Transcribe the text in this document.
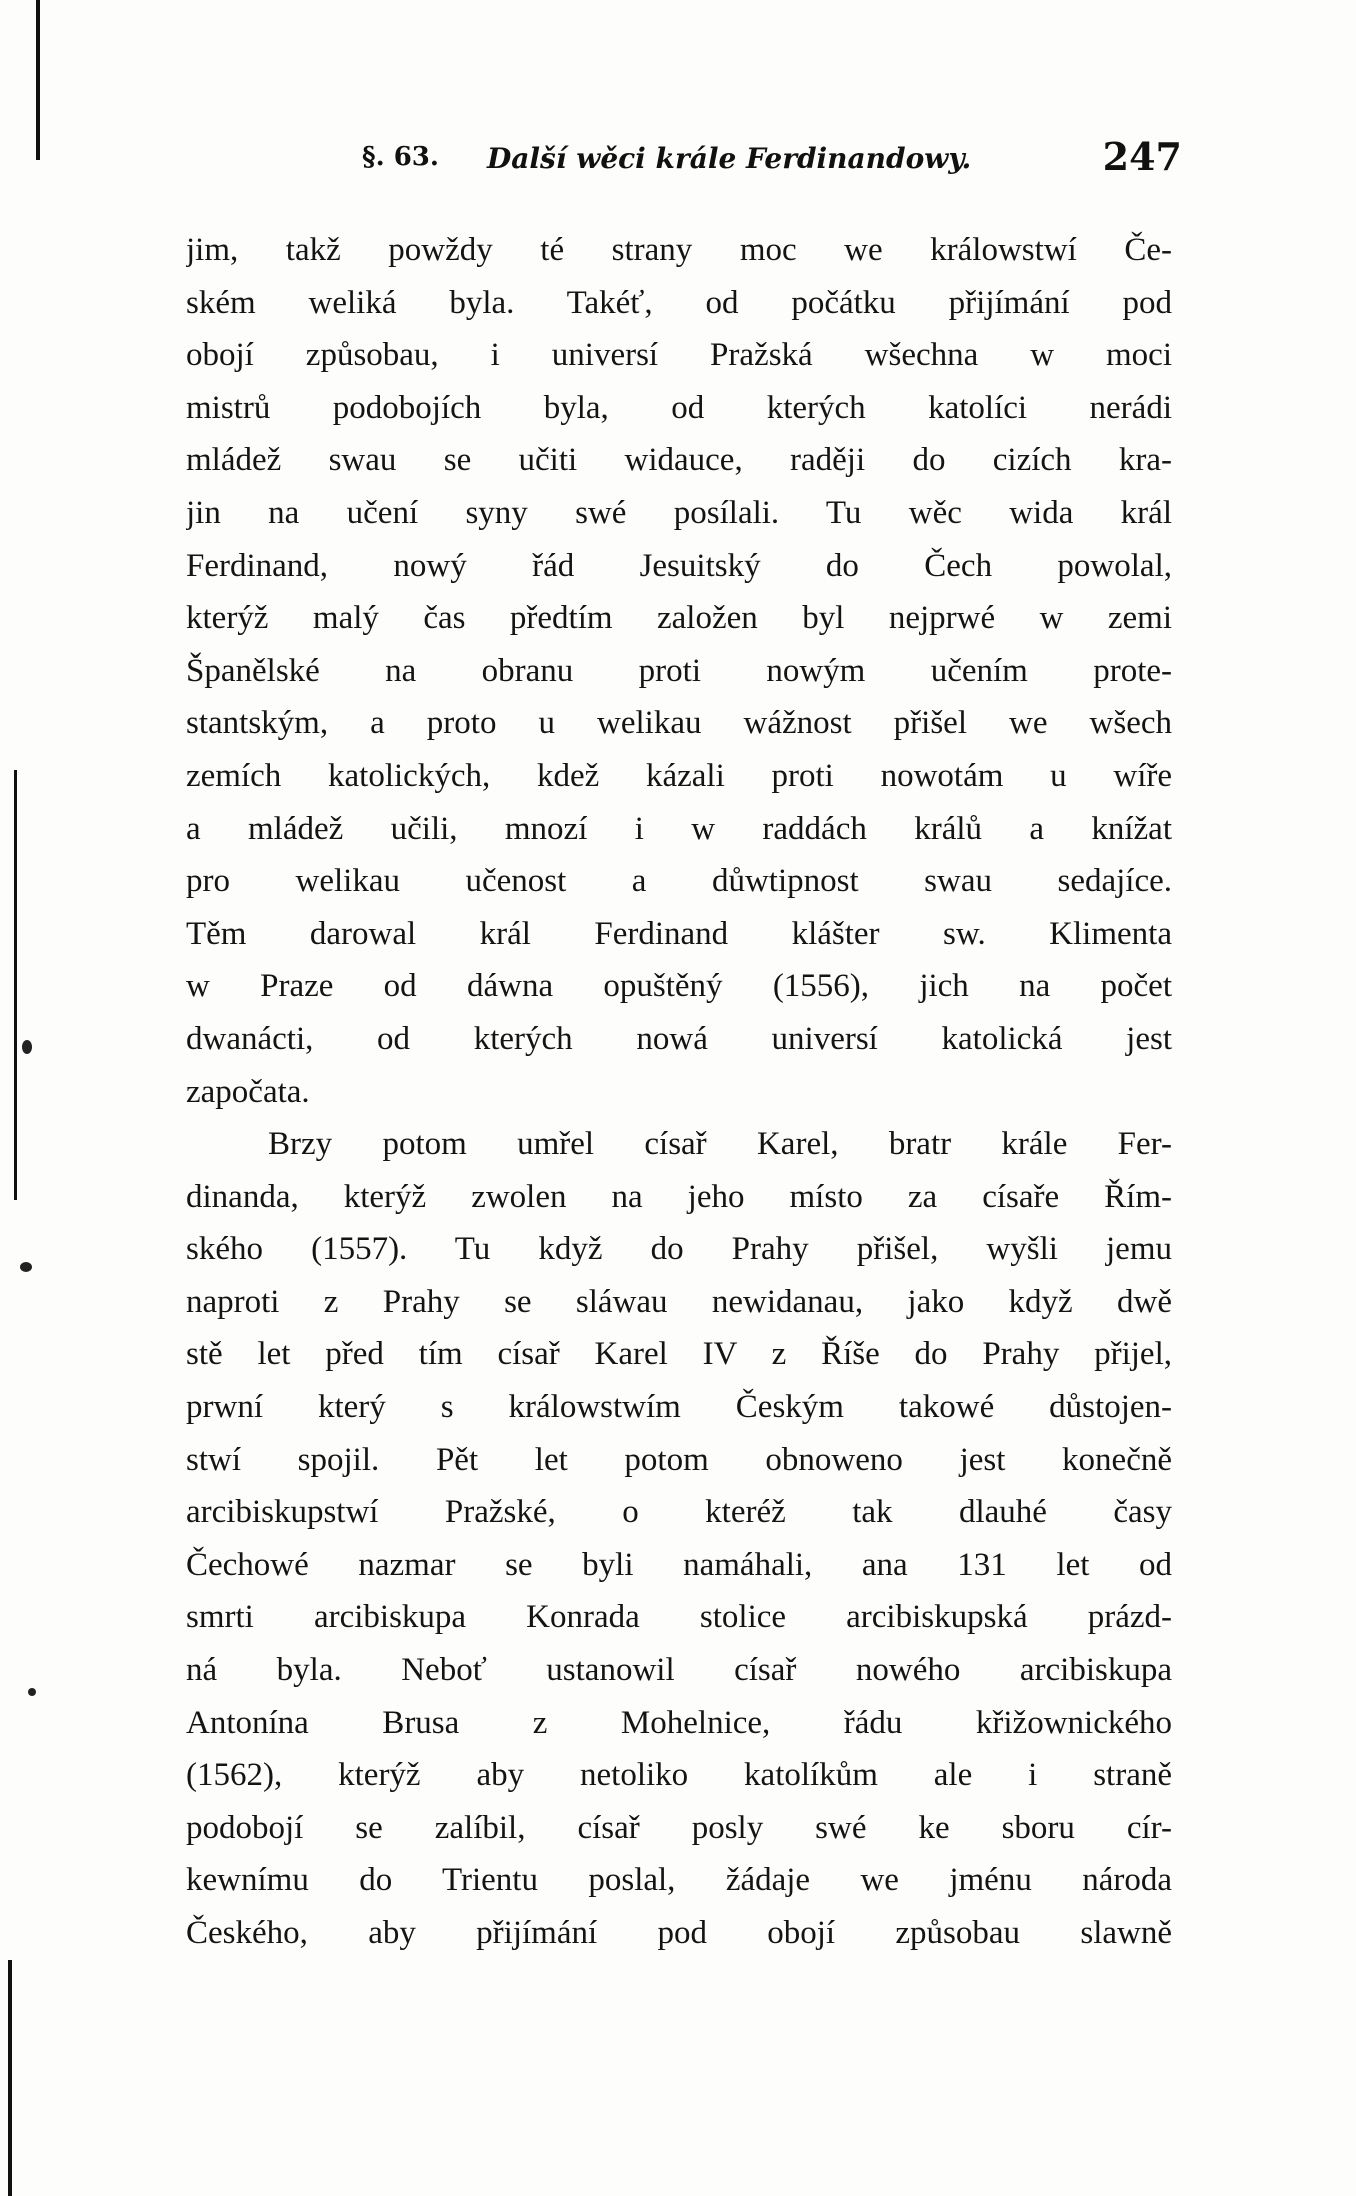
§. 63. Další wěci krále Ferdinandowy.	247
jim, takž powždy té strany moc we králowstwí Če-
ském weliká byla. Takéť, od počátku přijímání pod
obojí způsobau, i universí Pražská wšechna w moci
mistrů podobojích byla, od kterých katolíci nerádi
mládež swau se učiti widauce, raději do cizích kra-
jin na učení syny swé posílali. Tu wěc wida král
Ferdinand, nowý řád Jesuitský do Čech powolal,
kterýž malý čas předtím založen byl nejprwé w zemi
Španělské na obranu proti nowým učením prote-
stantským, a proto u welikau wážnost přišel we wšech
zemích katolických, kdež kázali proti nowotám u wíře
a mládež učili, mnozí i w raddách králů a knížat
pro welikau učenost a důwtipnost swau sedajíce.
Těm darowal král Ferdinand klášter sw. Klimenta
w Praze od dáwna opuštěný (1556), jich na počet
dwanácti, od kterých nowá universí katolická jest
započata.
Brzy potom umřel císař Karel, bratr krále Fer-
dinanda, kterýž zwolen na jeho místo za císaře Řím-
ského (1557). Tu když do Prahy přišel, wyšli jemu
naproti z Prahy se sláwau newidanau, jako když dwě
stě let před tím císař Karel IV z Říše do Prahy přijel,
prwní který s králowstwím Českým takowé důstojen-
stwí spojil. Pět let potom obnoweno jest konečně
arcibiskupstwí Pražské, o kteréž tak dlauhé časy
Čechowé nazmar se byli namáhali, ana 131 let od
smrti arcibiskupa Konrada stolice arcibiskupská prázd-
ná byla. Neboť ustanowil císař nowého arcibiskupa
Antonína Brusa z Mohelnice, řádu křižownického
(1562), kterýž aby netoliko katolíkům ale i straně
podobojí se zalíbil, císař posly swé ke sboru cír-
kewnímu do Trientu poslal, žádaje we jménu národa
Českého, aby přijímání pod obojí způsobau slawně
